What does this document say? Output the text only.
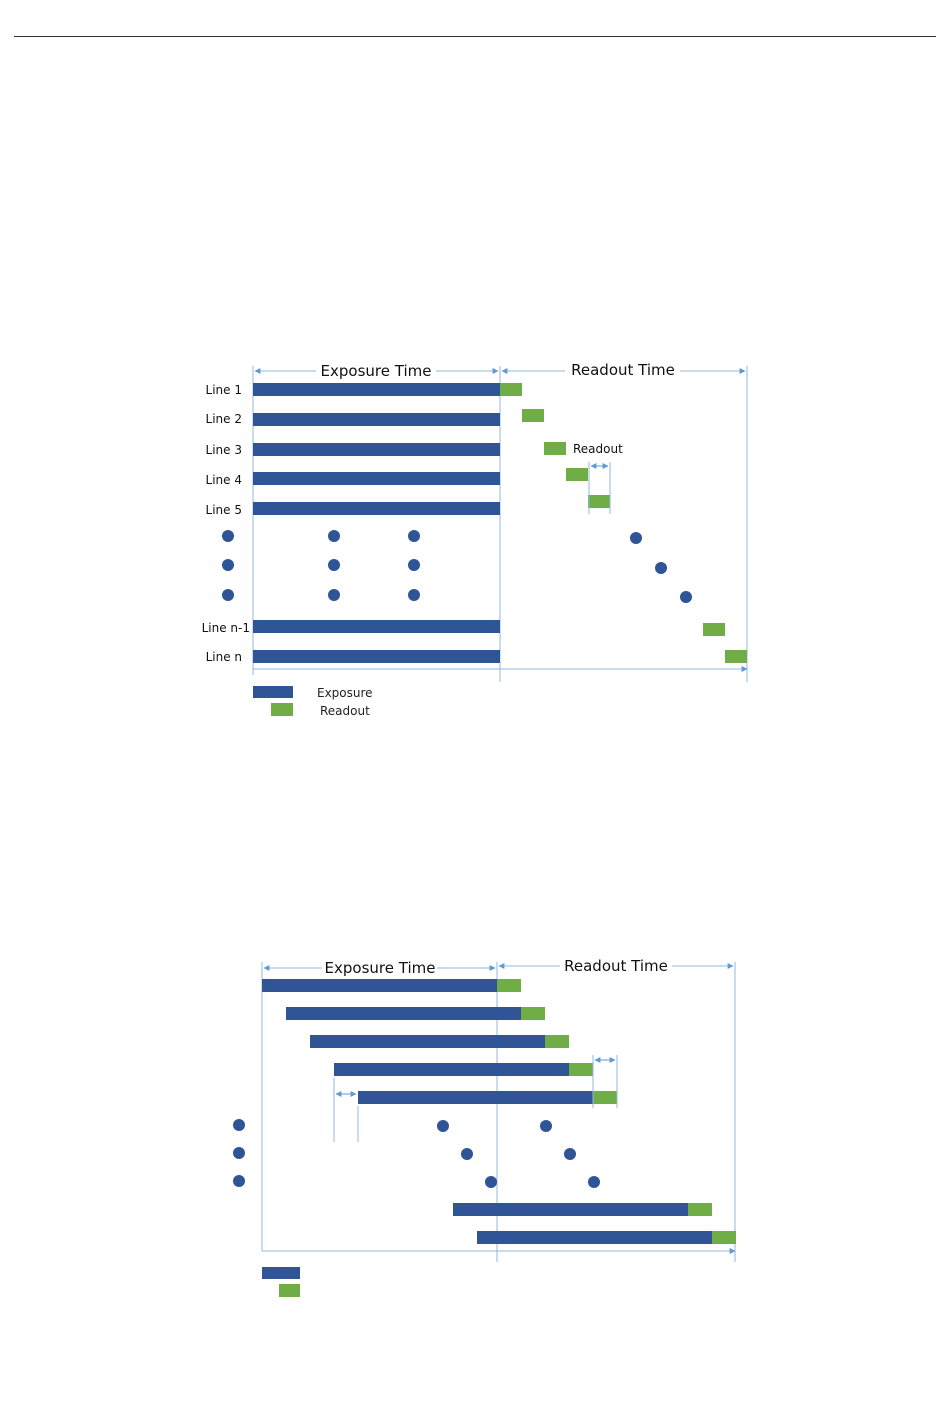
Exposure Time	Readout Time
Line 1
Line 2
Line 3
Line 4
Line 5
Line n-1
Line n
Readout
Exposure
Readout
Exposure Time	Readout Time
